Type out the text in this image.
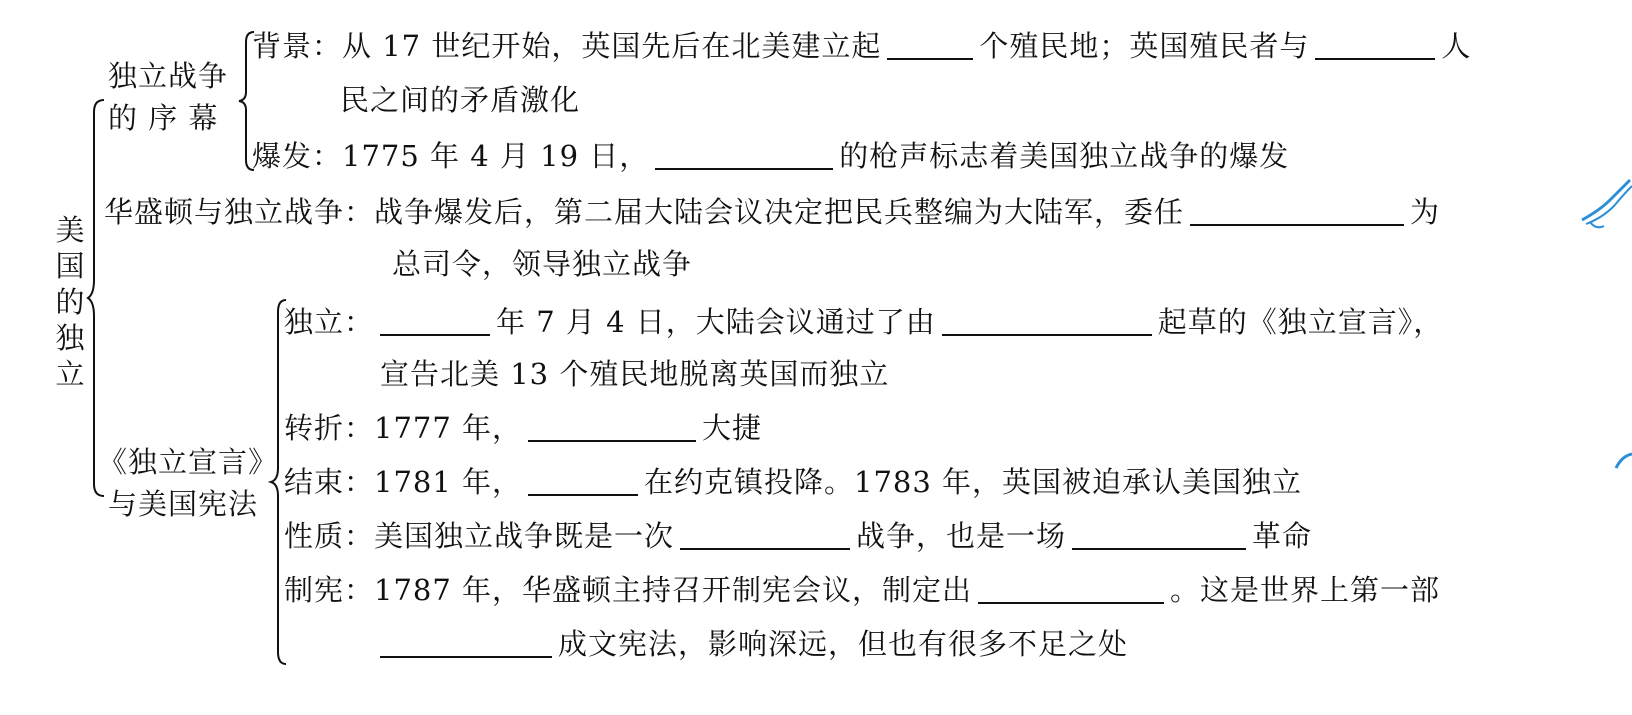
美
国
的
独
立
独立战争
的 序 幕
背景：从 17 世纪开始，英国先后在北美建立起	个殖民地；英国殖民者与	人
民之间的矛盾激化
爆发：1775 年 4 月 19 日，	的枪声标志着美国独立战争的爆发
华盛顿与独立战争：战争爆发后，第二届大陆会议决定把民兵整编为大陆军，委任	为
总司令，领导独立战争
《独立宣言》
与美国宪法
独立：	年 7 月 4 日，大陆会议通过了由	起草的《独立宣言》，
宣告北美 13 个殖民地脱离英国而独立
转折：1777 年，	大捷
结束：1781 年，	在约克镇投降。1783 年，英国被迫承认美国独立
性质：美国独立战争既是一次	战争，也是一场	革命
制宪：1787 年，华盛顿主持召开制宪会议，制定出	。这是世界上第一部
成文宪法，影响深远，但也有很多不足之处
